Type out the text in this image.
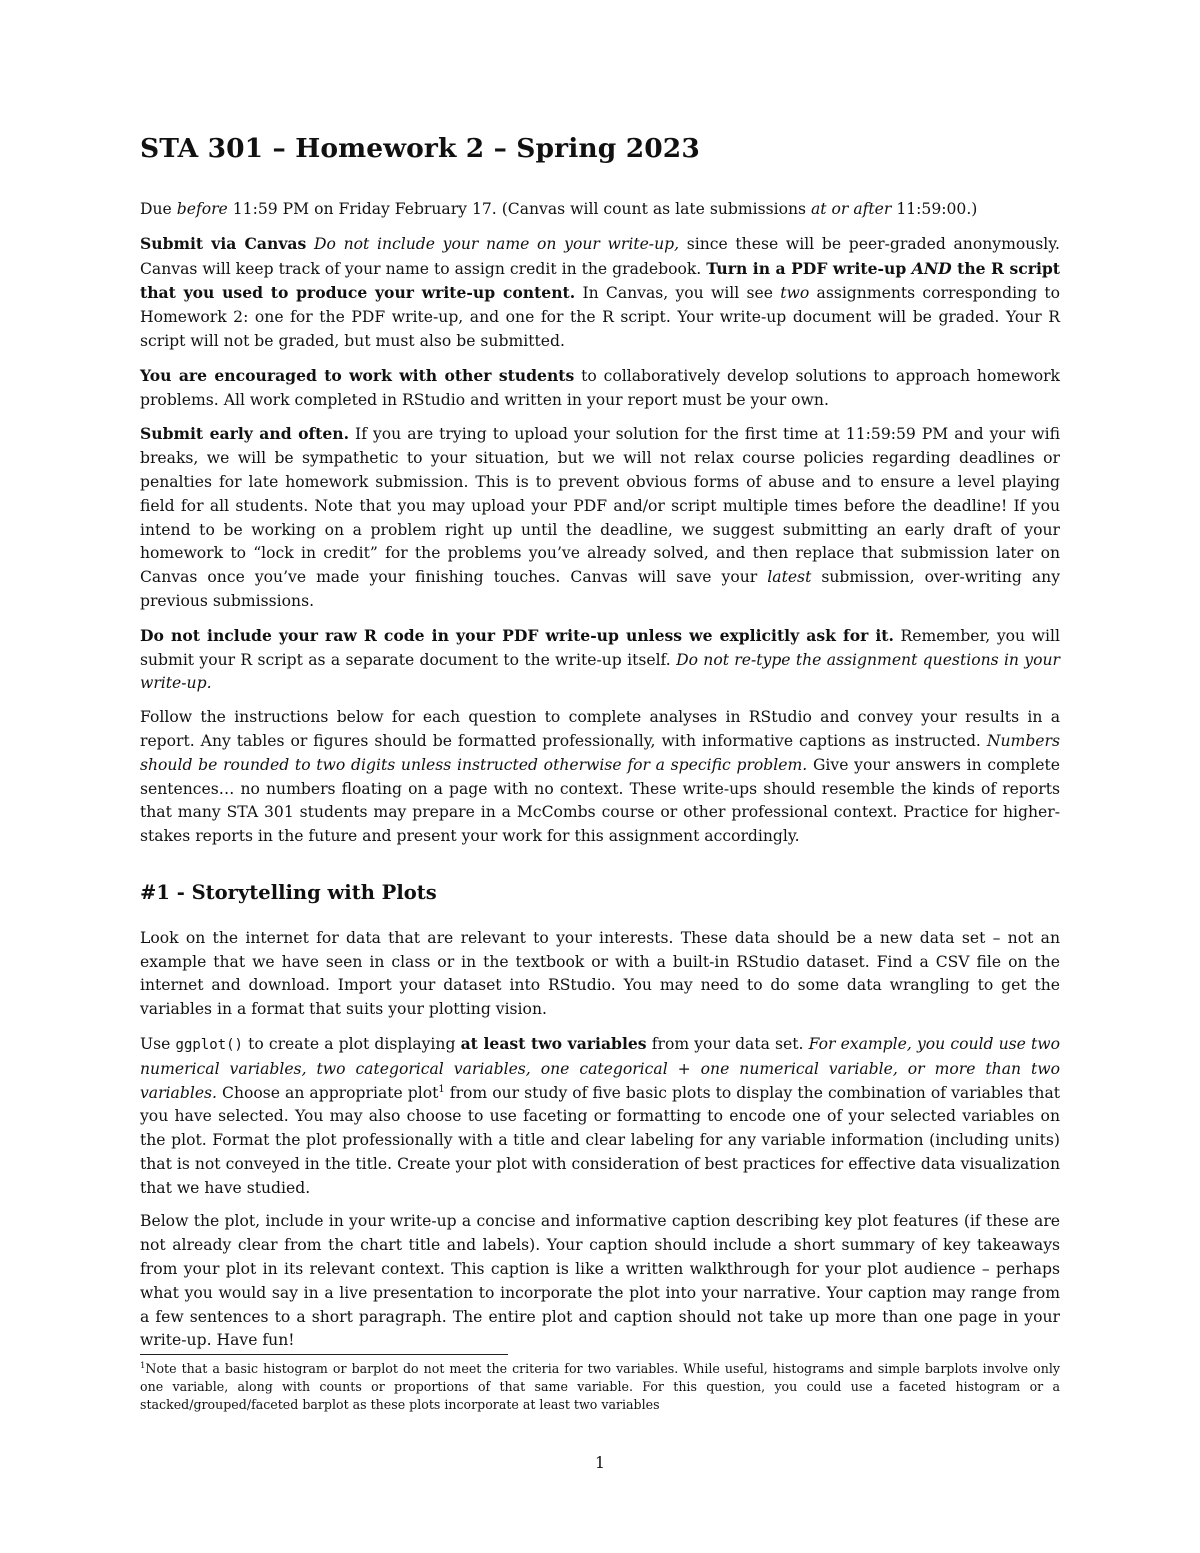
STA 301 – Homework 2 – Spring 2023

Due before 11:59 PM on Friday February 17. (Canvas will count as late submissions at or after 11:59:00.)

Submit via Canvas Do not include your name on your write-up, since these will be peer-graded anonymously. Canvas will keep track of your name to assign credit in the gradebook. Turn in a PDF write-up AND the R script that you used to produce your write-up content. In Canvas, you will see two assignments corresponding to Homework 2: one for the PDF write-up, and one for the R script. Your write-up document will be graded. Your R script will not be graded, but must also be submitted.

You are encouraged to work with other students to collaboratively develop solutions to approach homework problems. All work completed in RStudio and written in your report must be your own.

Submit early and often. If you are trying to upload your solution for the first time at 11:59:59 PM and your wifi breaks, we will be sympathetic to your situation, but we will not relax course policies regarding deadlines or penalties for late homework submission. This is to prevent obvious forms of abuse and to ensure a level playing field for all students. Note that you may upload your PDF and/or script multiple times before the deadline! If you intend to be working on a problem right up until the deadline, we suggest submitting an early draft of your homework to “lock in credit” for the problems you’ve already solved, and then replace that submission later on Canvas once you’ve made your finishing touches. Canvas will save your latest submission, over-writing any previous submissions.

Do not include your raw R code in your PDF write-up unless we explicitly ask for it. Remember, you will submit your R script as a separate document to the write-up itself. Do not re-type the assignment questions in your write-up.

Follow the instructions below for each question to complete analyses in RStudio and convey your results in a report. Any tables or figures should be formatted professionally, with informative captions as instructed. Numbers should be rounded to two digits unless instructed otherwise for a specific problem. Give your answers in complete sentences… no numbers floating on a page with no context. These write-ups should resemble the kinds of reports that many STA 301 students may prepare in a McCombs course or other professional context. Practice for higher-stakes reports in the future and present your work for this assignment accordingly.

#1 - Storytelling with Plots

Look on the internet for data that are relevant to your interests. These data should be a new data set – not an example that we have seen in class or in the textbook or with a built-in RStudio dataset. Find a CSV file on the internet and download. Import your dataset into RStudio. You may need to do some data wrangling to get the variables in a format that suits your plotting vision.

Use ggplot() to create a plot displaying at least two variables from your data set. For example, you could use two numerical variables, two categorical variables, one categorical + one numerical variable, or more than two variables. Choose an appropriate plot$^1$ from our study of five basic plots to display the combination of variables that you have selected. You may also choose to use faceting or formatting to encode one of your selected variables on the plot. Format the plot professionally with a title and clear labeling for any variable information (including units) that is not conveyed in the title. Create your plot with consideration of best practices for effective data visualization that we have studied.

Below the plot, include in your write-up a concise and informative caption describing key plot features (if these are not already clear from the chart title and labels). Your caption should include a short summary of key takeaways from your plot in its relevant context. This caption is like a written walkthrough for your plot audience – perhaps what you would say in a live presentation to incorporate the plot into your narrative. Your caption may range from a few sentences to a short paragraph. The entire plot and caption should not take up more than one page in your write-up. Have fun!

$^1$Note that a basic histogram or barplot do not meet the criteria for two variables. While useful, histograms and simple barplots involve only one variable, along with counts or proportions of that same variable. For this question, you could use a faceted histogram or a stacked/grouped/faceted barplot as these plots incorporate at least two variables
1
